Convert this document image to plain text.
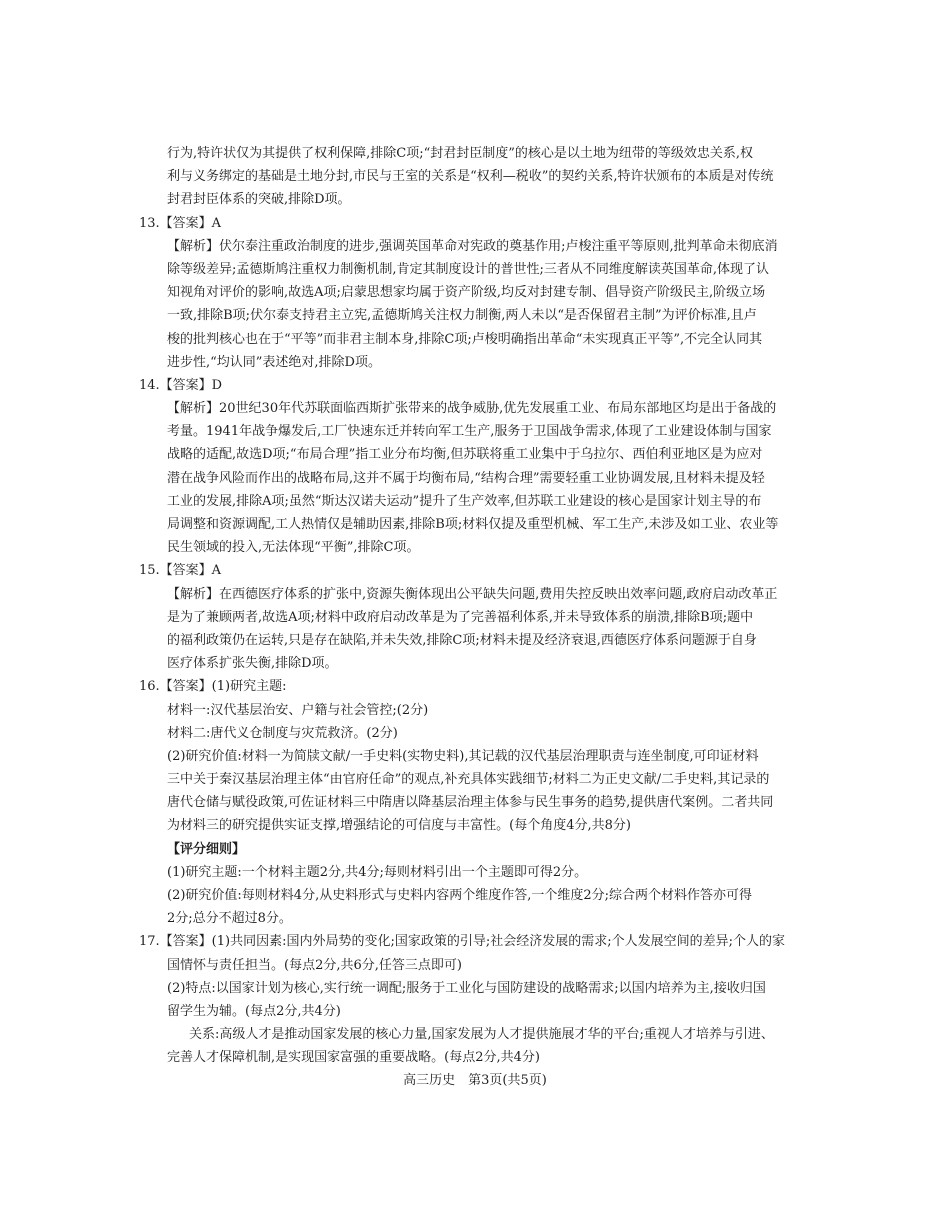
行为,特许状仅为其提供了权利保障,排除C项;“封君封臣制度”的核心是以土地为纽带的等级效忠关系,权
利与义务绑定的基础是土地分封,市民与王室的关系是“权利—税收”的契约关系,特许状颁布的本质是对传统
封君封臣体系的突破,排除D项。
13.【答案】A
【解析】伏尔泰注重政治制度的进步,强调英国革命对宪政的奠基作用;卢梭注重平等原则,批判革命未彻底消
除等级差异;孟德斯鸠注重权力制衡机制,肯定其制度设计的普世性;三者从不同维度解读英国革命,体现了认
知视角对评价的影响,故选A项;启蒙思想家均属于资产阶级,均反对封建专制、倡导资产阶级民主,阶级立场
一致,排除B项;伏尔泰支持君主立宪,孟德斯鸠关注权力制衡,两人未以“是否保留君主制”为评价标准,且卢
梭的批判核心也在于“平等”而非君主制本身,排除C项;卢梭明确指出革命“未实现真正平等”,不完全认同其
进步性,“均认同”表述绝对,排除D项。
14.【答案】D
【解析】20世纪30年代苏联面临西斯扩张带来的战争威胁,优先发展重工业、布局东部地区均是出于备战的
考量。1941年战争爆发后,工厂快速东迁并转向军工生产,服务于卫国战争需求,体现了工业建设体制与国家
战略的适配,故选D项;“布局合理”指工业分布均衡,但苏联将重工业集中于乌拉尔、西伯利亚地区是为应对
潜在战争风险而作出的战略布局,这并不属于均衡布局,“结构合理”需要轻重工业协调发展,且材料未提及轻
工业的发展,排除A项;虽然“斯达汉诺夫运动”提升了生产效率,但苏联工业建设的核心是国家计划主导的布
局调整和资源调配,工人热情仅是辅助因素,排除B项;材料仅提及重型机械、军工生产,未涉及如工业、农业等
民生领域的投入,无法体现“平衡”,排除C项。
15.【答案】A
【解析】在西德医疗体系的扩张中,资源失衡体现出公平缺失问题,费用失控反映出效率问题,政府启动改革正
是为了兼顾两者,故选A项;材料中政府启动改革是为了完善福利体系,并未导致体系的崩溃,排除B项;题中
的福利政策仍在运转,只是存在缺陷,并未失效,排除C项;材料未提及经济衰退,西德医疗体系问题源于自身
医疗体系扩张失衡,排除D项。
16.【答案】(1)研究主题:
材料一:汉代基层治安、户籍与社会管控;(2分)
材料二:唐代义仓制度与灾荒救济。(2分)
(2)研究价值:材料一为简牍文献/一手史料(实物史料),其记载的汉代基层治理职责与连坐制度,可印证材料
三中关于秦汉基层治理主体“由官府任命”的观点,补充具体实践细节;材料二为正史文献/二手史料,其记录的
唐代仓储与赋役政策,可佐证材料三中隋唐以降基层治理主体参与民生事务的趋势,提供唐代案例。二者共同
为材料三的研究提供实证支撑,增强结论的可信度与丰富性。(每个角度4分,共8分)
【评分细则】
(1)研究主题:一个材料主题2分,共4分;每则材料引出一个主题即可得2分。
(2)研究价值:每则材料4分,从史料形式与史料内容两个维度作答,一个维度2分;综合两个材料作答亦可得
2分;总分不超过8分。
17.【答案】(1)共同因素:国内外局势的变化;国家政策的引导;社会经济发展的需求;个人发展空间的差异;个人的家
国情怀与责任担当。(每点2分,共6分,任答三点即可)
(2)特点:以国家计划为核心,实行统一调配;服务于工业化与国防建设的战略需求;以国内培养为主,接收归国
留学生为辅。(每点2分,共4分)
关系:高级人才是推动国家发展的核心力量,国家发展为人才提供施展才华的平台;重视人才培养与引进、
完善人才保障机制,是实现国家富强的重要战略。(每点2分,共4分)
高三历史　第3页(共5页)
